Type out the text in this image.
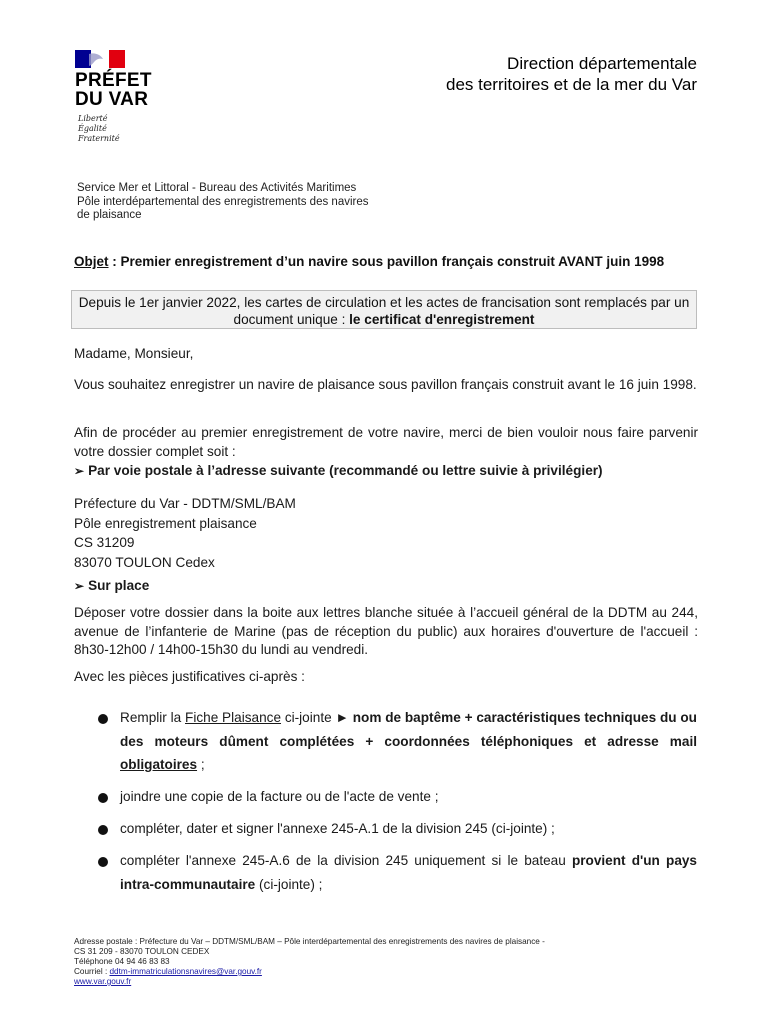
PRÉFET
DU VAR
Liberté
Égalité
Fraternité
Direction départementale
des territoires et de la mer du Var
Service Mer et Littoral - Bureau des Activités Maritimes
Pôle interdépartemental des enregistrements des navires
de plaisance
Objet : Premier enregistrement d’un navire sous pavillon français construit AVANT juin 1998
Depuis le 1er janvier 2022, les cartes de circulation et les actes de francisation sont remplacés par un document unique : le certificat d'enregistrement
Madame, Monsieur,
Vous souhaitez enregistrer un navire de plaisance sous pavillon français construit avant le 16 juin 1998.
Afin de procéder au premier enregistrement de votre navire, merci de bien vouloir nous faire parvenir votre dossier complet soit :
➢ Par voie postale à l’adresse suivante (recommandé ou lettre suivie à privilégier)
Préfecture du Var - DDTM/SML/BAM
Pôle enregistrement plaisance
CS 31209
83070 TOULON Cedex
➢ Sur place
Déposer votre dossier dans la boite aux lettres blanche située à l’accueil général de la DDTM au 244, avenue de l’infanterie de Marine (pas de réception du public) aux horaires d'ouverture de l'accueil : 8h30-12h00 / 14h00-15h30 du lundi au vendredi.
Avec les pièces justificatives ci-après :
Remplir la Fiche Plaisance ci-jointe ► nom de baptême + caractéristiques techniques du ou des moteurs dûment complétées + coordonnées téléphoniques et adresse mail obligatoires ;
joindre une copie de la facture ou de l'acte de vente ;
compléter, dater et signer l'annexe 245-A.1 de la division 245 (ci-jointe) ;
compléter l'annexe 245-A.6 de la division 245 uniquement si le bateau provient d'un pays intra-communautaire (ci-jointe) ;
Adresse postale : Préfecture du Var – DDTM/SML/BAM – Pôle interdépartemental des enregistrements des navires de plaisance -
CS 31 209 - 83070 TOULON CEDEX
Téléphone 04 94 46 83 83
Courriel : ddtm-immatriculationsnavires@var.gouv.fr
www.var.gouv.fr
